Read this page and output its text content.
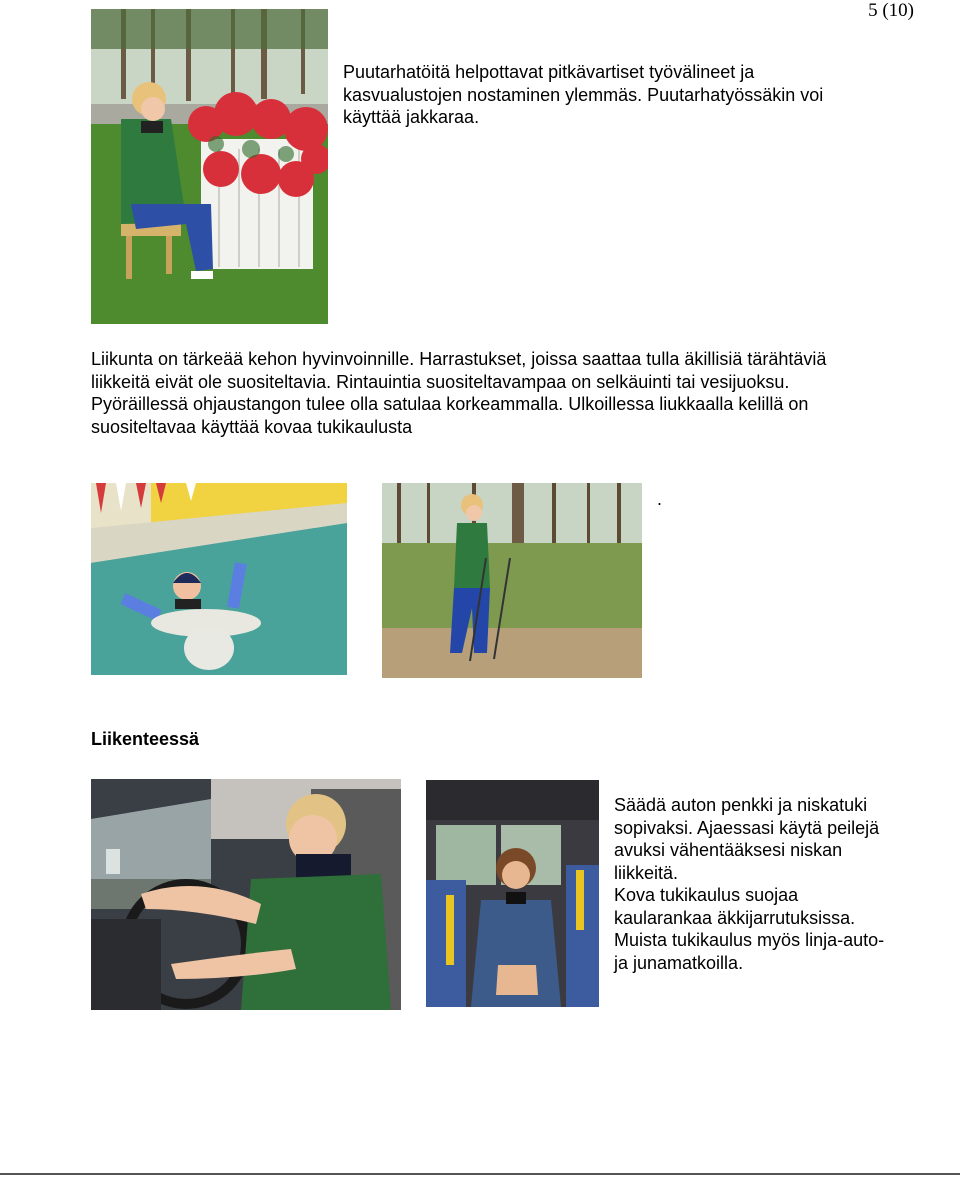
5 (10)
Puutarhatöitä helpottavat pitkävartiset työvälineet ja
kasvualustojen nostaminen ylemmäs. Puutarhatyössäkin voi
käyttää jakkaraa.
Liikunta on tärkeää kehon hyvinvoinnille. Harrastukset, joissa saattaa tulla äkillisiä tärähtäviä
liikkeitä eivät ole suositeltavia. Rintauintia suositeltavampaa on selkäuinti tai vesijuoksu.
Pyöräillessä ohjaustangon tulee olla satulaa korkeammalla. Ulkoillessa liukkaalla kelillä on
suositeltavaa käyttää kovaa tukikaulusta
.
Liikenteessä
Säädä auton penkki ja niskatuki
sopivaksi. Ajaessasi käytä peilejä
avuksi vähentääksesi niskan
liikkeitä.
Kova tukikaulus suojaa
kaularankaa äkkijarrutuksissa.
Muista tukikaulus myös linja-auto-
ja junamatkoilla.
